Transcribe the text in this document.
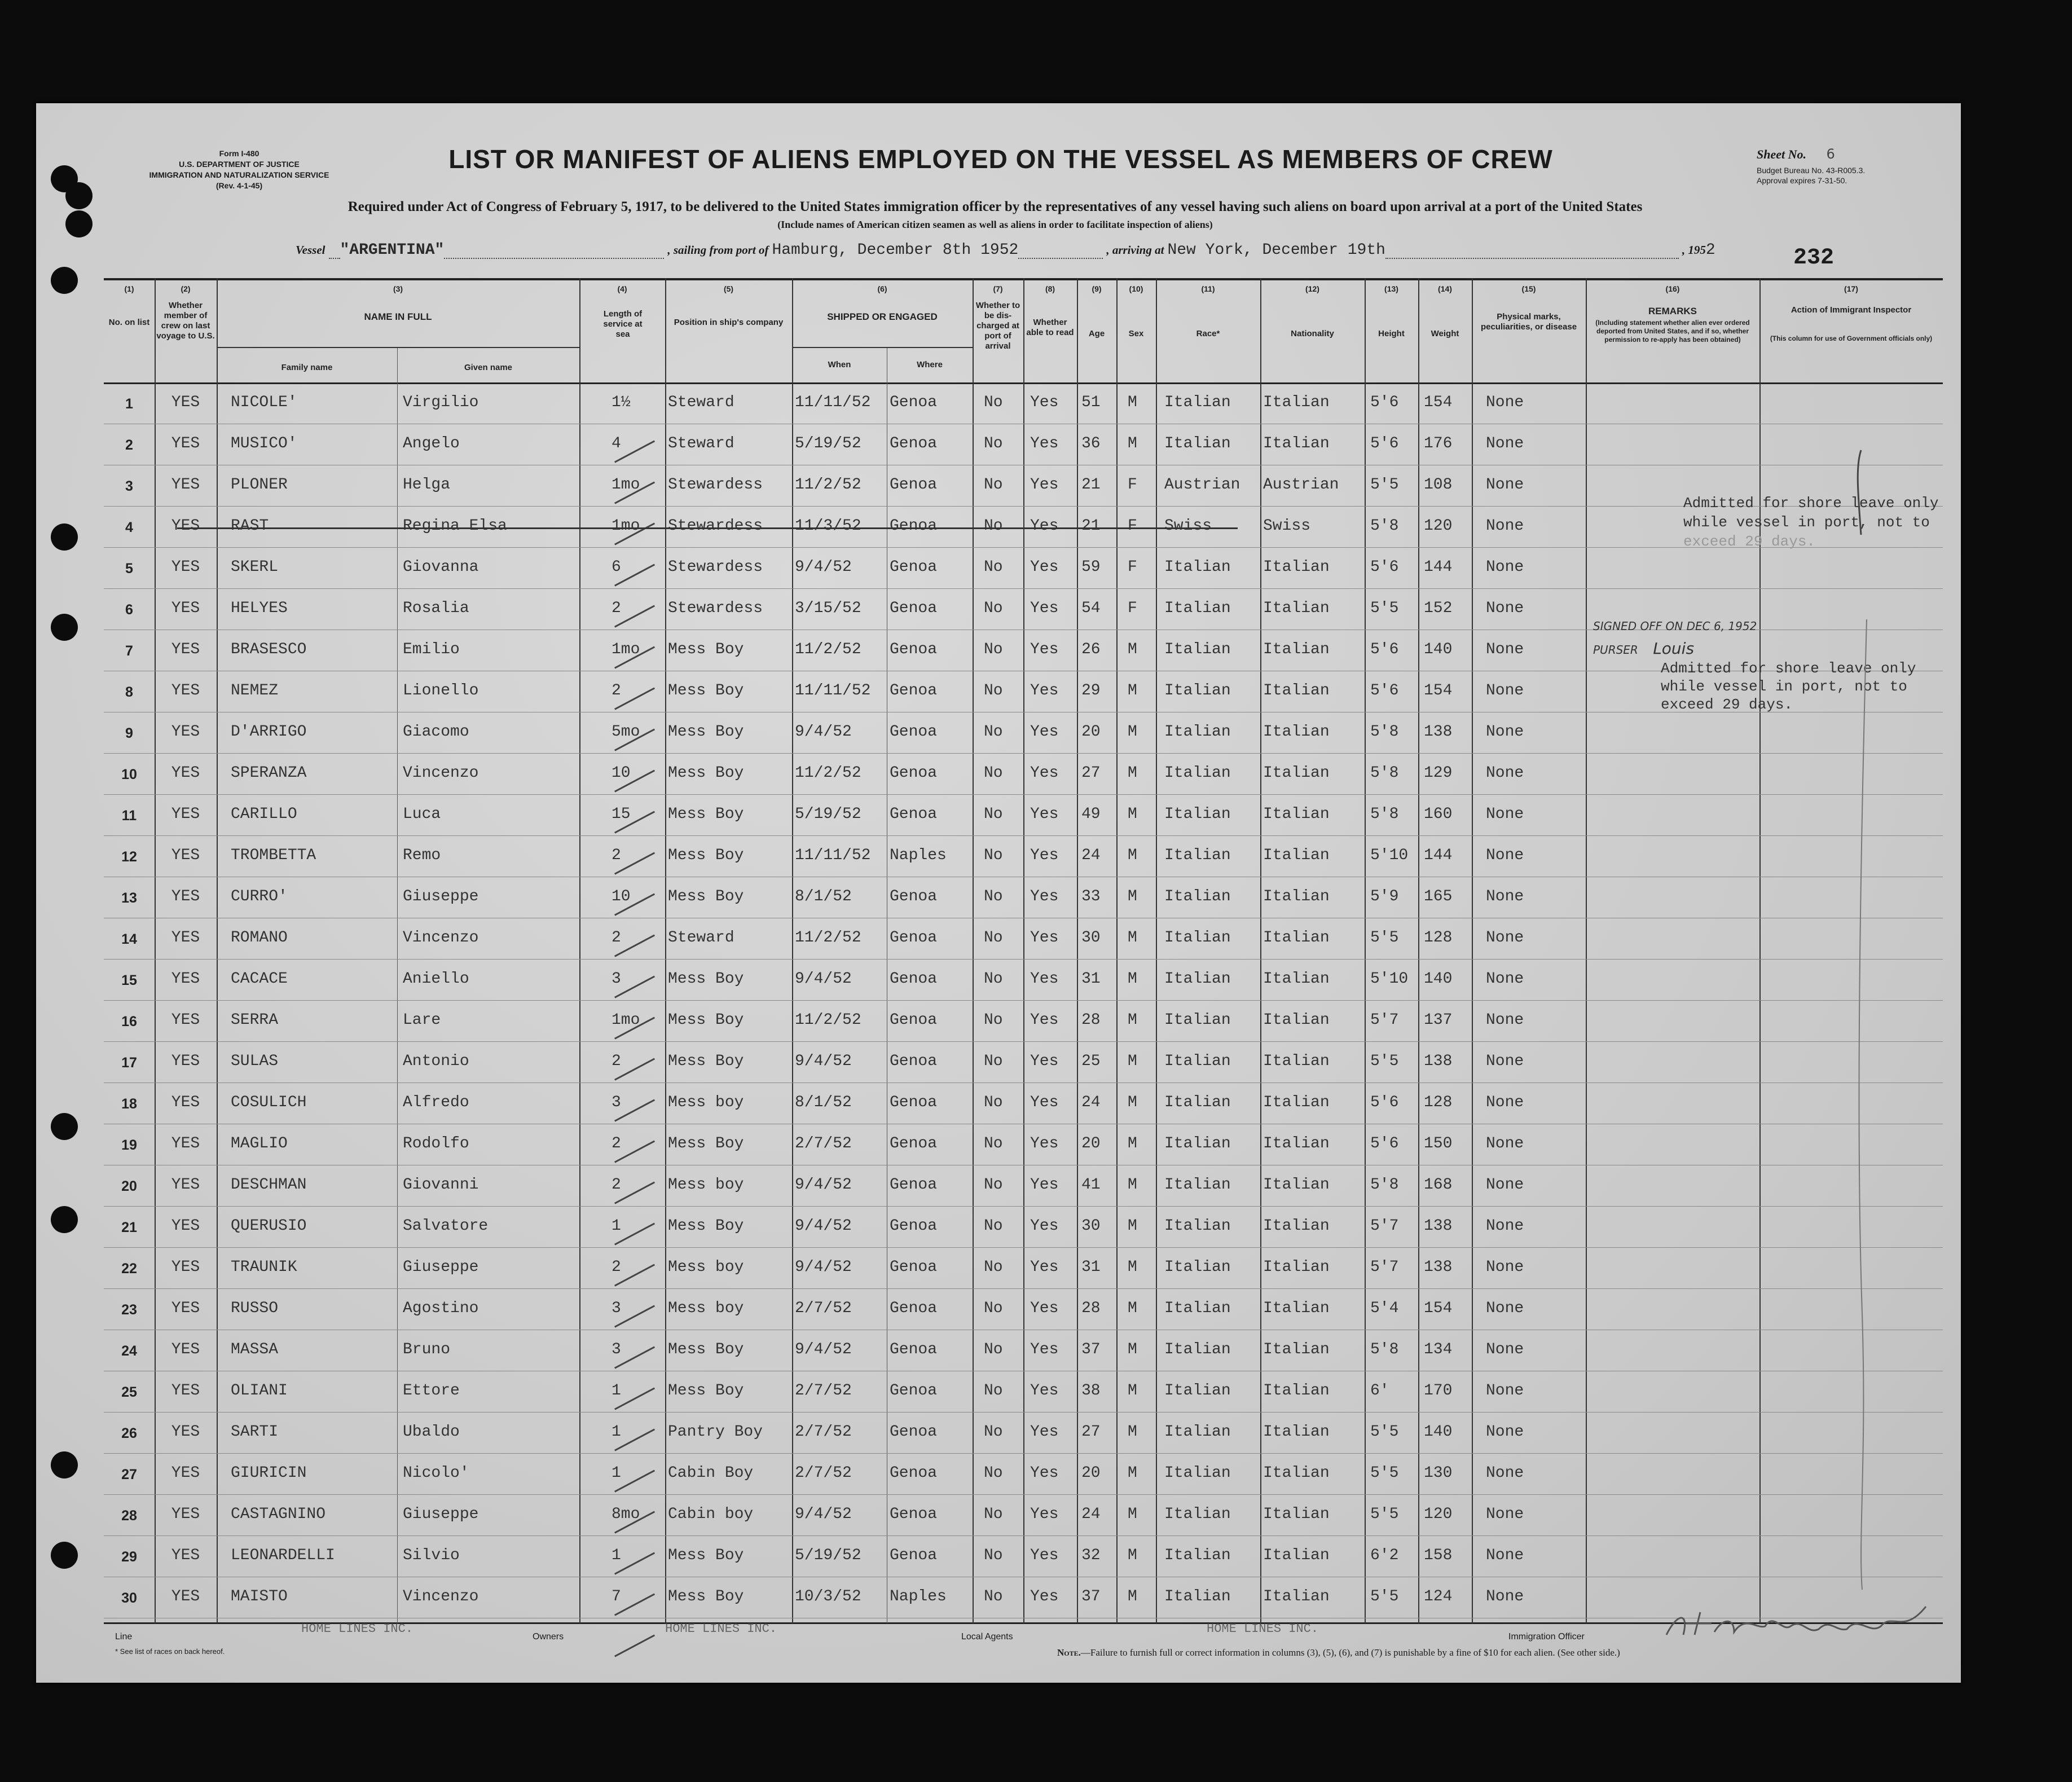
Form I-480
U.S. DEPARTMENT OF JUSTICE
IMMIGRATION AND NATURALIZATION SERVICE
(Rev. 4-1-45)
LIST OR MANIFEST OF ALIENS EMPLOYED ON THE VESSEL AS MEMBERS OF CREW	Sheet No. 6
Budget Bureau No. 43-R005.3.
Approval expires 7-31-50.
Required under Act of Congress of February 5, 1917, to be delivered to the United States immigration officer by the representatives of any vessel having such aliens on board upon arrival at a port of the United States
(Include names of American citizen seamen as well as aliens in order to facilitate inspection of aliens)
Vessel "ARGENTINA"	, sailing from port of Hamburg, December 8th 1952	, arriving at New York, December 19th	, 1952	232
(1)
No. on list
(2)
Whether member of crew on last voyage to U.S.
(3)
NAME IN FULL
Family name	Given name
(4)
Length of service at sea
(5)
Position in ship's company
(6)
SHIPPED OR ENGAGED
When	Where
(7)
Whether to be dis-charged at port of arrival
(8)
Whether able to read
(9)
Age
(10)
Sex
(11)
Race*
(12)
Nationality
(13)
Height
(14)
Weight
(15)
Physical marks, peculiarities, or disease
(16)
REMARKS
(Including statement whether alien ever ordered deported from United States, and if so, whether permission to re-apply has been obtained)
(17)
Action of Immigrant Inspector
(This column for use of Government officials only)
1	YES	NICOLE'	Virgilio	1½ Steward	11/11/52 Genoa	No Yes 51 M Italian Italian	5'6 154 None
2	YES	MUSICO'	Angelo	4	Steward	5/19/52 Genoa	No Yes 36 M Italian Italian	5'6 176 None
3	YES	PLONER	Helga	1mo Stewardess 11/2/52 Genoa	No Yes 21 F Austrian Austrian 5'5 108 None
4	YES	RAST	Regina Elsa	1mo Stewardess 11/3/52 Genoa	No Yes 21 F Swiss	Swiss	5'8 120 None
5	YES	SKERL	Giovanna	6	Stewardess 9/4/52 Genoa	No Yes 59 F Italian Italian	5'6 144 None
6	YES	HELYES	Rosalia	2	Stewardess 3/15/52 Genoa	No Yes 54 F Italian Italian	5'5 152 None
7	YES	BRASESCO	Emilio	1mo Mess Boy	11/2/52 Genoa	No Yes 26 M Italian Italian	5'6 140 None
8	YES	NEMEZ	Lionello	2	Mess Boy	11/11/52 Genoa	No Yes 29 M Italian Italian	5'6 154 None
9	YES	D'ARRIGO	Giacomo	5mo Mess Boy	9/4/52 Genoa	No Yes 20 M Italian Italian	5'8 138 None
10	YES	SPERANZA	Vincenzo	10 Mess Boy	11/2/52 Genoa	No Yes 27 M Italian Italian	5'8 129 None
11	YES	CARILLO	Luca	15 Mess Boy	5/19/52 Genoa	No Yes 49 M Italian Italian	5'8 160 None
12	YES	TROMBETTA	Remo	2	Mess Boy	11/11/52 Naples No Yes 24 M Italian Italian	5'10 144 None
13	YES	CURRO'	Giuseppe	10 Mess Boy	8/1/52 Genoa	No Yes 33 M Italian Italian	5'9 165 None
14	YES	ROMANO	Vincenzo	2	Steward	11/2/52 Genoa	No Yes 30 M Italian Italian	5'5 128 None
15	YES	CACACE	Aniello	3	Mess Boy	9/4/52 Genoa	No Yes 31 M Italian Italian	5'10 140 None
16	YES	SERRA	Lare	1mo Mess Boy	11/2/52 Genoa	No Yes 28 M Italian Italian	5'7 137 None
17	YES	SULAS	Antonio	2	Mess Boy	9/4/52 Genoa	No Yes 25 M Italian Italian	5'5 138 None
18	YES	COSULICH	Alfredo	3	Mess boy	8/1/52 Genoa	No Yes 24 M Italian Italian	5'6 128 None
19	YES	MAGLIO	Rodolfo	2	Mess Boy	2/7/52 Genoa	No Yes 20 M Italian Italian	5'6 150 None
20	YES	DESCHMAN	Giovanni	2	Mess boy	9/4/52 Genoa	No Yes 41 M Italian Italian	5'8 168 None
21	YES	QUERUSIO	Salvatore	1	Mess Boy	9/4/52 Genoa	No Yes 30 M Italian Italian	5'7 138 None
22	YES	TRAUNIK	Giuseppe	2	Mess boy	9/4/52 Genoa	No Yes 31 M Italian Italian	5'7 138 None
23	YES	RUSSO	Agostino	3	Mess boy	2/7/52 Genoa	No Yes 28 M Italian Italian	5'4 154 None
24	YES	MASSA	Bruno	3	Mess Boy	9/4/52 Genoa	No Yes 37 M Italian Italian	5'8 134 None
25	YES	OLIANI	Ettore	1	Mess Boy	2/7/52 Genoa	No Yes 38 M Italian Italian	6' 170 None
26	YES	SARTI	Ubaldo	1	Pantry Boy 2/7/52 Genoa	No Yes 27 M Italian Italian	5'5 140 None
27	YES	GIURICIN	Nicolo'	1	Cabin Boy	2/7/52 Genoa	No Yes 20 M Italian Italian	5'5 130 None
28	YES	CASTAGNINO	Giuseppe	8mo Cabin boy	9/4/52 Genoa	No Yes 24 M Italian Italian	5'5 120 None
29	YES	LEONARDELLI	Silvio	1	Mess Boy	5/19/52 Genoa	No Yes 32 M Italian Italian	6'2 158 None
30	YES	MAISTO	Vincenzo	7	Mess Boy	10/3/52 Naples No Yes 37 M Italian Italian	5'5 124 None
Admitted for shore leave only
while vessel in port, not to
exceed 29 days.
SIGNED OFF ON DEC 6, 1952
PURSER Louis
Admitted for shore leave only
while vessel in port, not to
exceed 29 days.
Line
HOME LINES INC.
Owners
HOME LINES INC.
Local Agents
HOME LINES INC.
Immigration Officer
* See list of races on back hereof.	Note.—Failure to furnish full or correct information in columns (3), (5), (6), and (7) is punishable by a fine of $10 for each alien. (See other side.)
